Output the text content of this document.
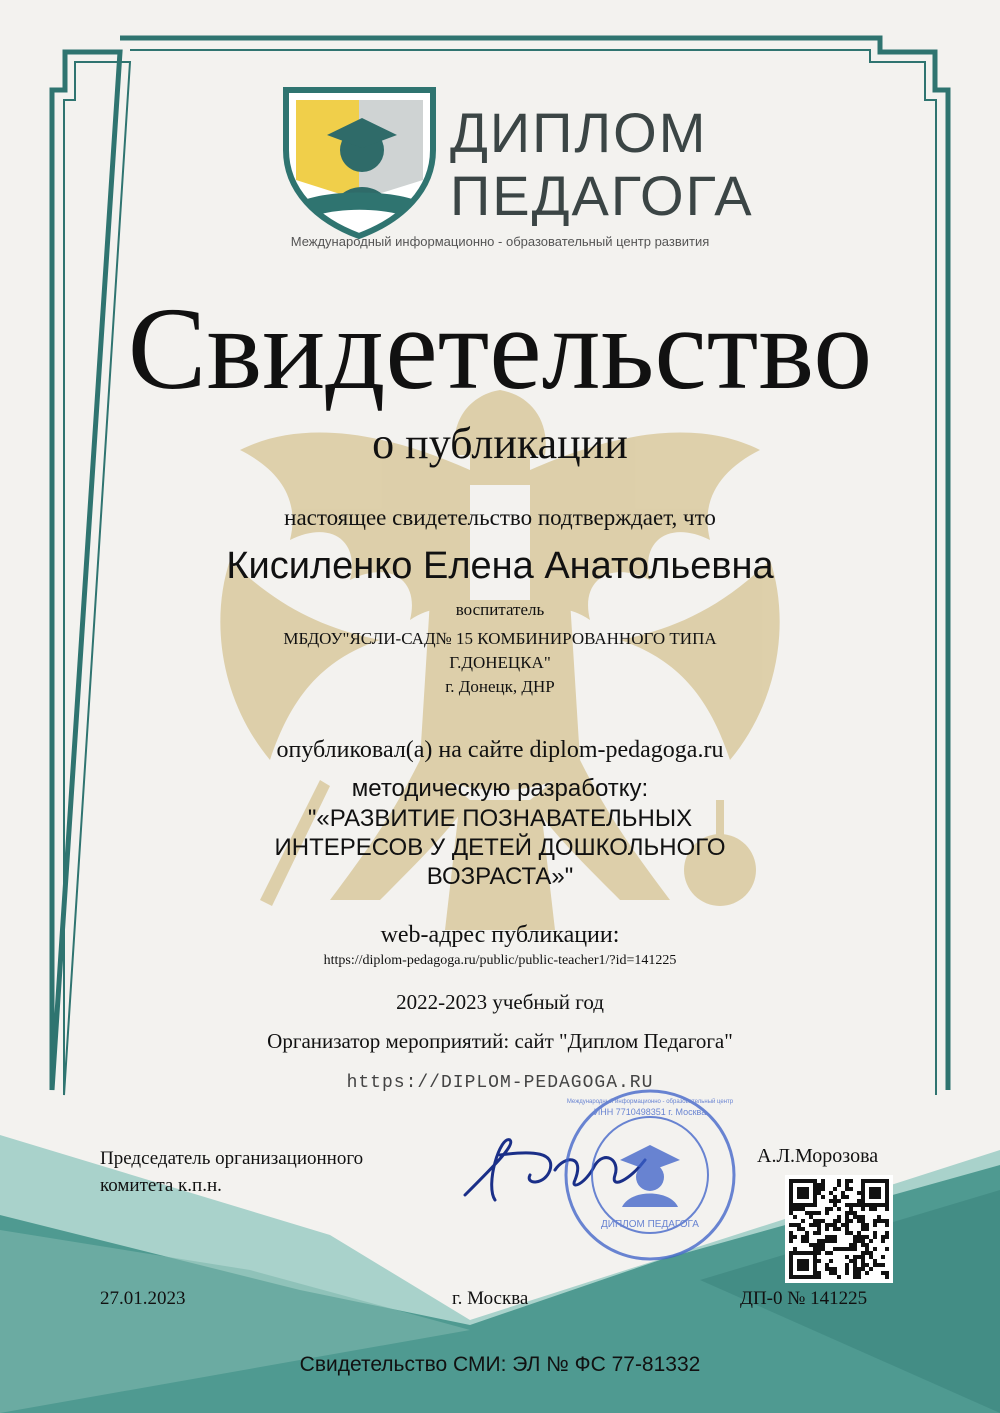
ДИПЛОМ
ПЕДАГОГА
Международный информационно - образовательный центр развития
Свидетельство
о публикации
настоящее свидетельство подтверждает, что
Кисиленко Елена Анатольевна
воспитатель
МБДОУ"ЯСЛИ-САД№ 15 КОМБИНИРОВАННОГО ТИПА
Г.ДОНЕЦКА"
г. Донецк, ДНР
опубликовал(а) на сайте diplom-pedagoga.ru
методическую разработку:
"«РАЗВИТИЕ ПОЗНАВАТЕЛЬНЫХ
ИНТЕРЕСОВ У ДЕТЕЙ ДОШКОЛЬНОГО
ВОЗРАСТА»"
web-адрес публикации:
https://diplom-pedagoga.ru/public/public-teacher1/?id=141225
2022-2023 учебный год
Организатор мероприятий: сайт "Диплом Педагога"
https://DIPLOM-PEDAGOGA.RU
Председатель организационного
комитета к.п.н.
А.Л.Морозова
ДИПЛОМ ПЕДАГОГА
ИНН 7710498351 г. Москва
Международный информационно - образовательный центр
27.01.2023	г. Москва	ДП-0 № 141225
Свидетельство СМИ: ЭЛ № ФС 77-81332
